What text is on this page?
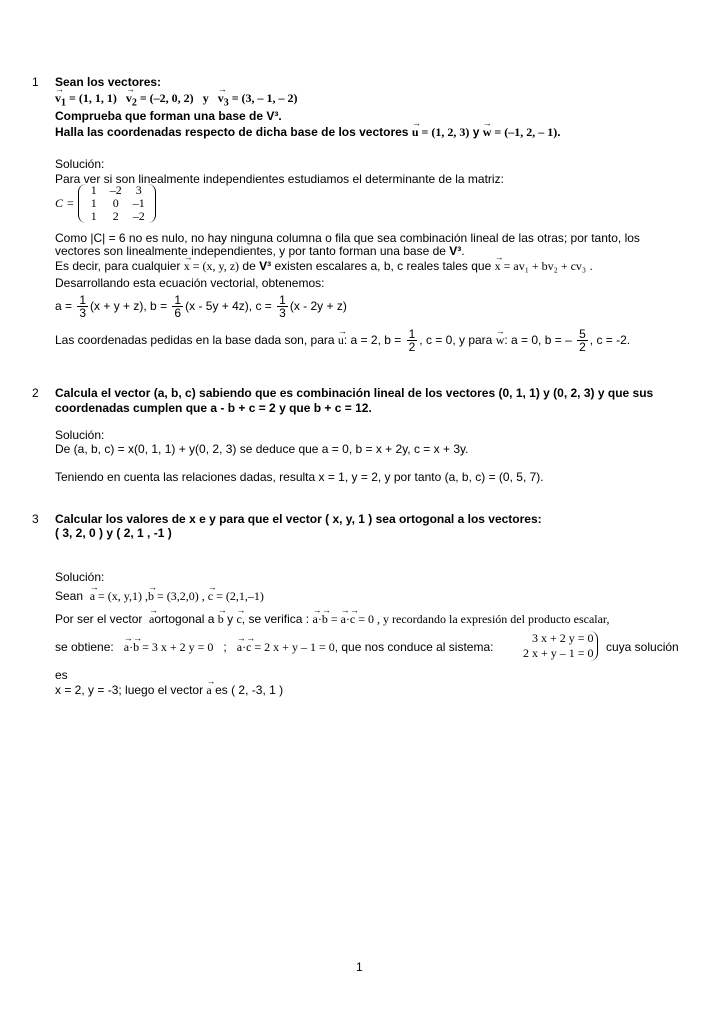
1 Sean los vectores:
→ $v_1 = (1$, 1, $1) \to v_2 = (-2$, 0, 2) $y \to v_3 = (3$, – 1, – 2)
Comprueba que forman una base de V³.
Halla las coordenadas respecto de dicha base de los vectores → u = (1, 2, 3) y → w = (–1, 2, – 1).
Solución:
Para ver si son linealmente independientes estudiamos el determinante de la matriz:
C =
1	–2	3
1	0	–1
1	2	–2
Como |C| = 6 no es nulo, no hay ninguna columna o fila que sea combinación lineal de las otras; por tanto, los
vectores son linealmente independientes, y por tanto forman una base de V³.
Es decir, para cualquier → x = (x, y, z) de V³ existen escalares a, b, c reales tales que → x = av₁ + bv₂ + cv₃ .
Desarrollando esta ecuación vectorial, obtenemos:
$a = \frac{1}{3} (x + y + z)$, $b = \frac{1}{6} (x - 5y + 4z)$, $c = \frac{1}{3} (x - 2y + z)$
Las coordenadas pedidas en la base dada son, para → u: a = 2, $b = \frac{1}{2}$ , c = 0, y para → w: a = 0, b = – $\frac{5}{2}$ , c = -2.
2 Calcula el vector (a, b, c) sabiendo que es combinación lineal de los vectores (0, 1, 1) y (0, 2, 3) y que sus
coordenadas cumplen que a - b + c = 2 y que b + c = 12.
Solución:
De (a, b, c) = x(0, 1, 1) + y(0, 2, 3) se deduce que a = 0, b = x + 2y, c = x + 3y.
Teniendo en cuenta las relaciones dadas, resulta x = 1, y = 2, y por tanto (a, b, c) = (0, 5, 7).
3 Calcular los valores de x e y para que el vector ( x, y, 1 ) sea ortogonal a los vectores:
( 3, 2, 0 ) y ( 2, 1 , -1 )
Solución:
Sean → a = (x, y,1) ,→ b = (3,2,0) , → c = (2,1,–1)
Por ser el vector → aortogonal a → b y → c, se verifica : → a·→ b = → a·→ c = 0 , y recordando la expresión del producto escalar,
se obtiene: → a·→ b = 3 x + 2 y = 0 ; → a·→ c = 2 x + y – 1 = 0, que nos conduce al sistema:
3 x + 2 y = 0
2 x + y – 1 = 0 cuya solución
es
x = 2, y = -3; luego el vector → a es ( 2, -3, 1 )
1
